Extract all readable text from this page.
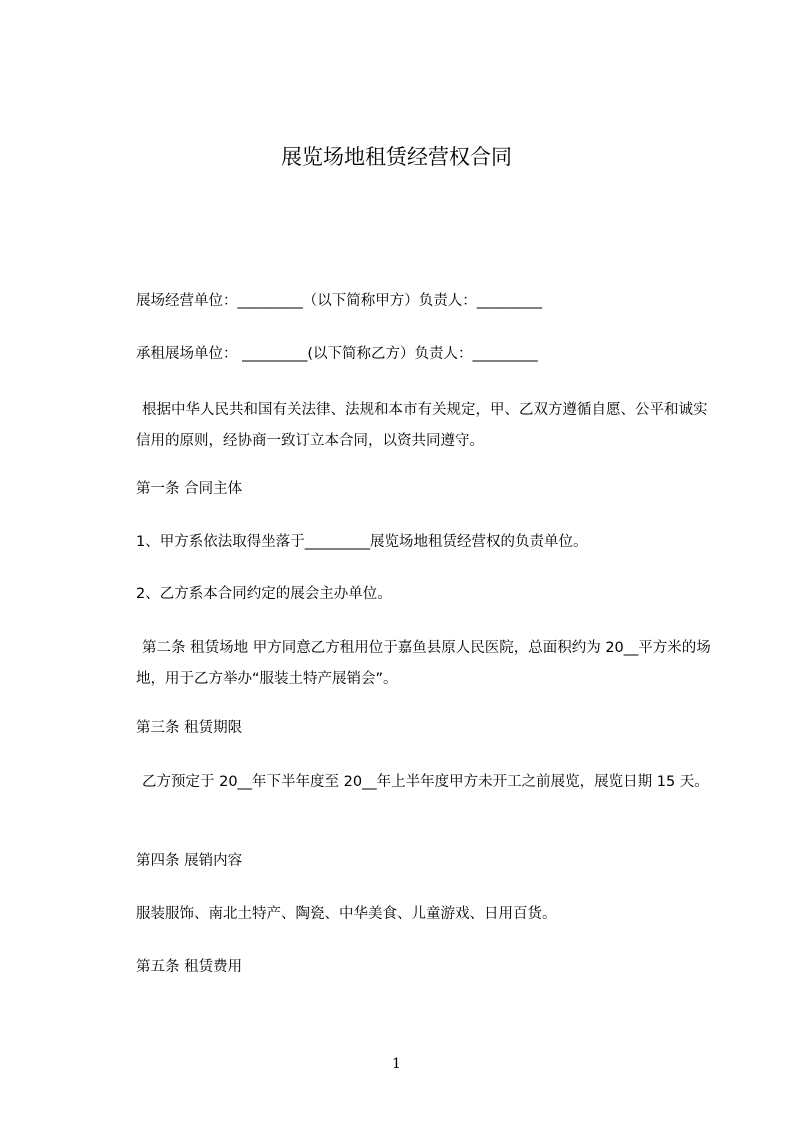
展览场地租赁经营权合同
展场经营单位：_________（以下简称甲方）负责人：_________
承租展场单位： _________(以下简称乙方）负责人：_________
根据中华人民共和国有关法律、法规和本市有关规定，甲、乙双方遵循自愿、公平和诚实信用的原则，经协商一致订立本合同，以资共同遵守。
第一条 合同主体
1、甲方系依法取得坐落于_________展览场地租赁经营权的负责单位。
2、乙方系本合同约定的展会主办单位。
第二条 租赁场地 甲方同意乙方租用位于嘉鱼县原人民医院，总面积约为 20__平方米的场地，用于乙方举办“服装土特产展销会”。
第三条 租赁期限
乙方预定于 20__年下半年度至 20__年上半年度甲方未开工之前展览，展览日期 15 天。
第四条 展销内容
服装服饰、南北土特产、陶瓷、中华美食、儿童游戏、日用百货。
第五条 租赁费用
1
